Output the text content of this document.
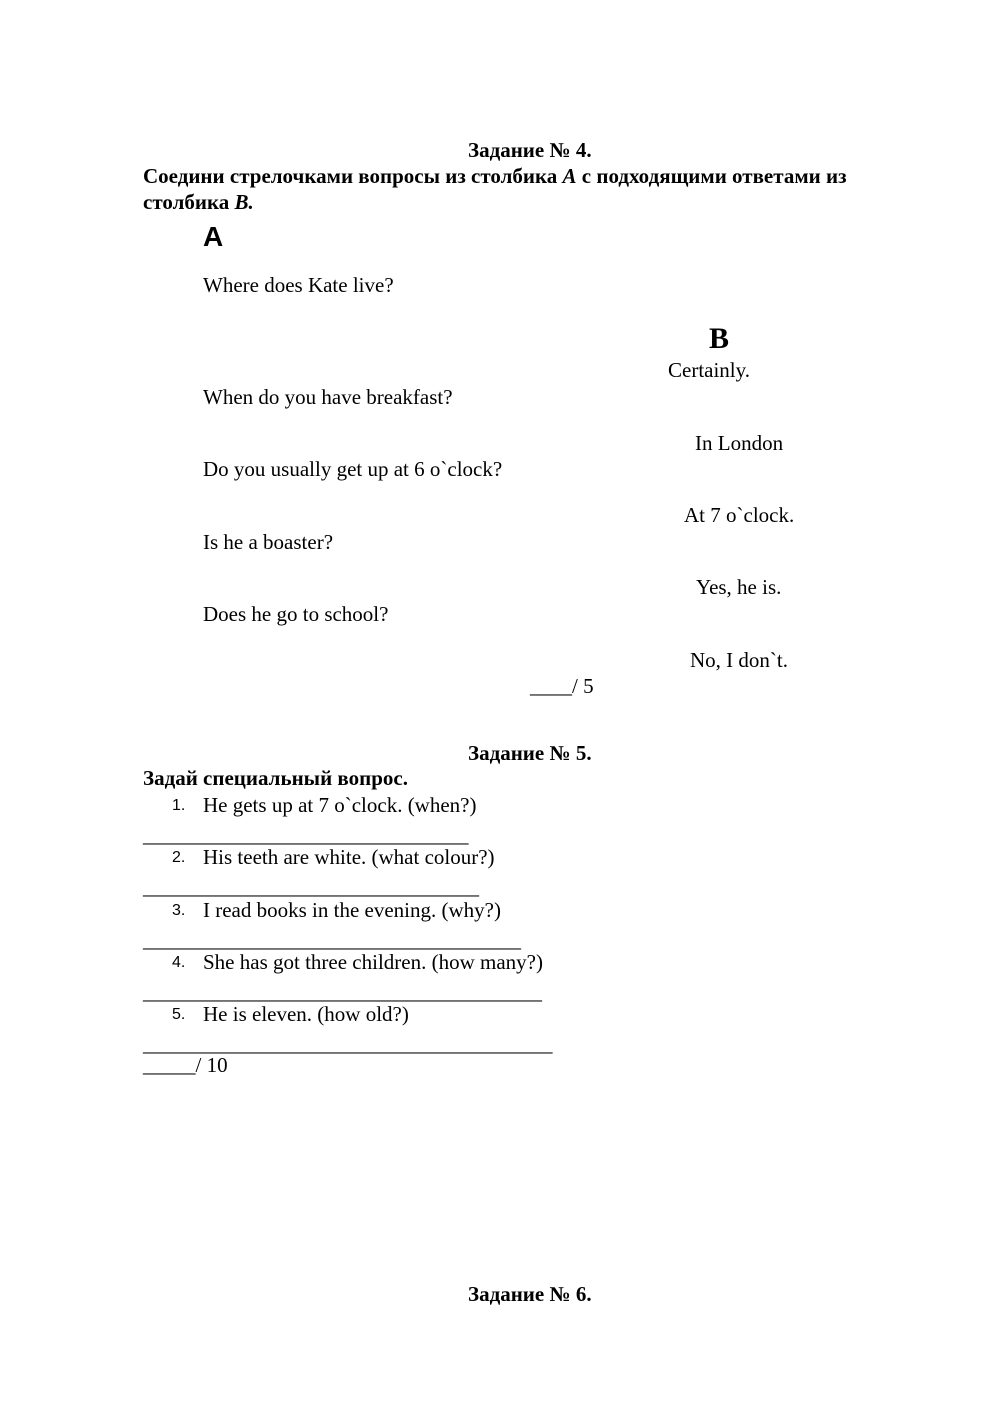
Задание № 4.
Соедини стрелочками вопросы из столбика А с подходящими ответами из
столбика В.
A
B
Where does Kate live?
When do you have breakfast?
Do you usually get up at 6 o`clock?
Is he a boaster?
Does he go to school?
Certainly.
In London
At 7 o`clock.
Yes, he is.
No, I don`t.
____/ 5
Задание № 5.
Задай специальный вопрос.
1. He gets up at 7 o`clock. (when?)
_______________________________
2. His teeth are white. (what colour?)
________________________________
3. I read books in the evening. (why?)
____________________________________
4. She has got three children. (how many?)
______________________________________
5. He is eleven. (how old?)
_______________________________________
_____/ 10
Задание № 6.
